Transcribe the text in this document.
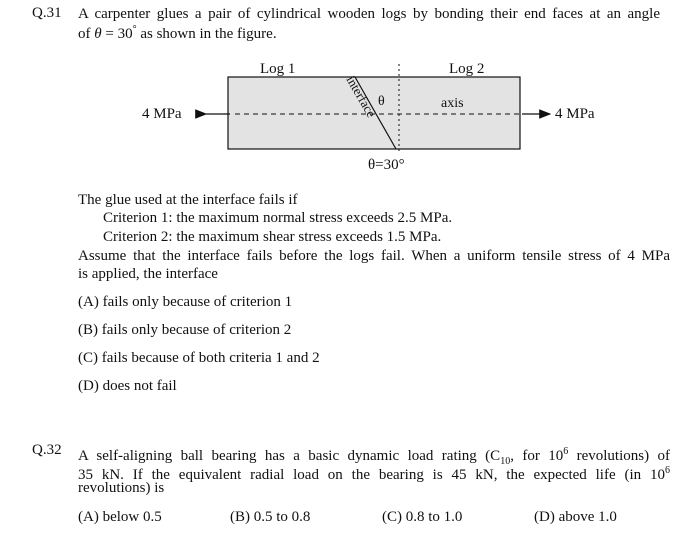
Q.31 A carpenter glues a pair of cylindrical wooden logs by bonding their end faces at an angle
of θ = 30° as shown in the figure.
Log 1	Log 2
axis
θ
interface
4 MPa	4 MPa
θ=30°
The glue used at the interface fails if
Criterion 1: the maximum normal stress exceeds 2.5 MPa.
Criterion 2: the maximum shear stress exceeds 1.5 MPa.
Assume that the interface fails before the logs fail. When a uniform tensile stress of 4 MPa
is applied, the interface
(A) fails only because of criterion 1
(B) fails only because of criterion 2
(C) fails because of both criteria 1 and 2
(D) does not fail
Q.32 A self-aligning ball bearing has a basic dynamic load rating ($C_{10}$, for $10^6$ revolutions) of
35 kN. If the equivalent radial load on the bearing is 45 kN, the expected life (in $10^6$
revolutions) is
(A) below 0.5	(B) 0.5 to 0.8	(C) 0.8 to 1.0	(D) above 1.0
